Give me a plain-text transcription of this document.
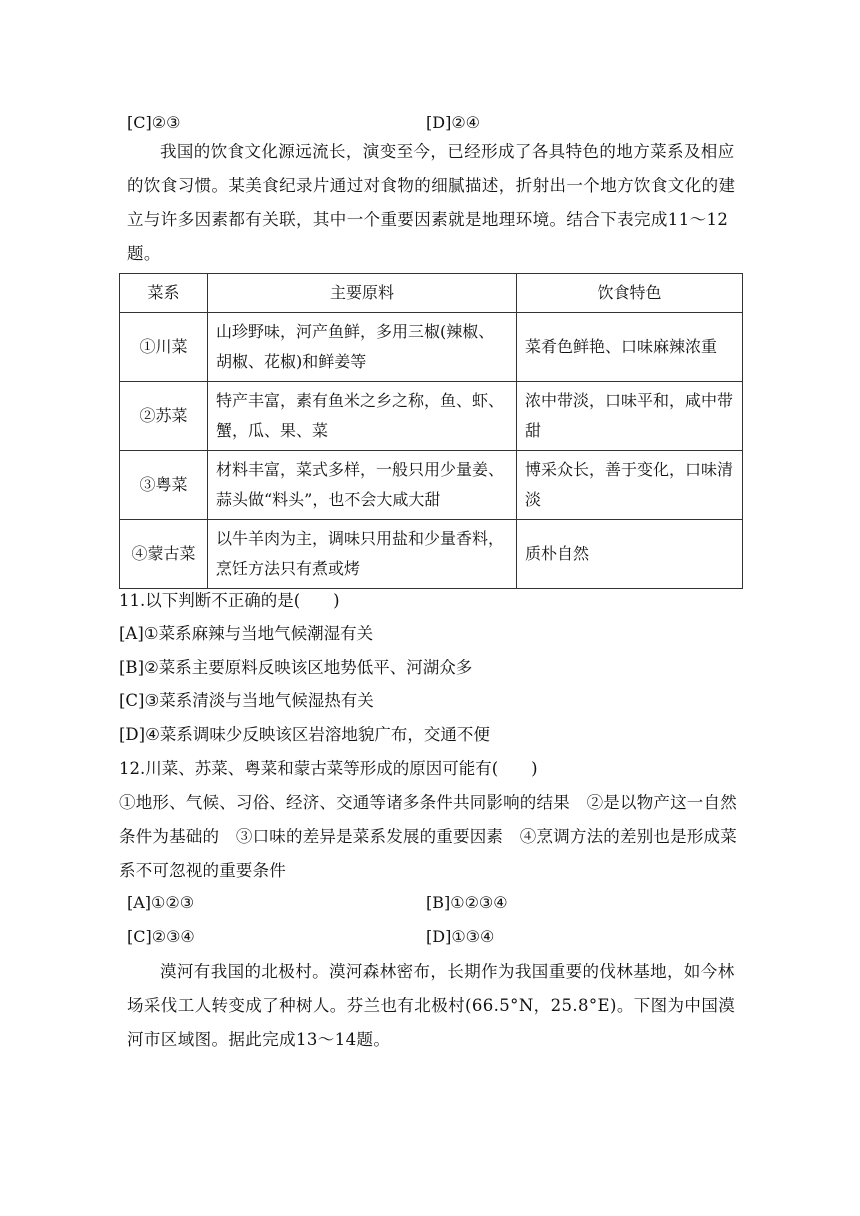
[C]②③	[D]②④
我国的饮食文化源远流长，演变至今，已经形成了各具特色的地方菜系及相应的饮食习惯。某美食纪录片通过对食物的细腻描述，折射出一个地方饮食文化的建立与许多因素都有关联，其中一个重要因素就是地理环境。结合下表完成11～12题。
菜系	主要原料	饮食特色
①川菜	山珍野味，河产鱼鲜，多用三椒(辣椒、胡椒、花椒)和鲜姜等	菜肴色鲜艳、口味麻辣浓重
②苏菜	特产丰富，素有鱼米之乡之称，鱼、虾、蟹，瓜、果、菜	浓中带淡，口味平和，咸中带甜
③粤菜	材料丰富，菜式多样，一般只用少量姜、蒜头做“料头”，也不会大咸大甜	博采众长，善于变化，口味清淡
④蒙古菜	以牛羊肉为主，调味只用盐和少量香料，烹饪方法只有煮或烤	质朴自然
11.以下判断不正确的是(　　)
[A]①菜系麻辣与当地气候潮湿有关
[B]②菜系主要原料反映该区地势低平、河湖众多
[C]③菜系清淡与当地气候湿热有关
[D]④菜系调味少反映该区岩溶地貌广布，交通不便
12.川菜、苏菜、粤菜和蒙古菜等形成的原因可能有(　　)
①地形、气候、习俗、经济、交通等诸多条件共同影响的结果　②是以物产这一自然条件为基础的　③口味的差异是菜系发展的重要因素　④烹调方法的差别也是形成菜系不可忽视的重要条件
[A]①②③	[B]①②③④
[C]②③④	[D]①③④
漠河有我国的北极村。漠河森林密布，长期作为我国重要的伐林基地，如今林场采伐工人转变成了种树人。芬兰也有北极村(66.5°N，25.8°E)。下图为中国漠河市区域图。据此完成13～14题。
